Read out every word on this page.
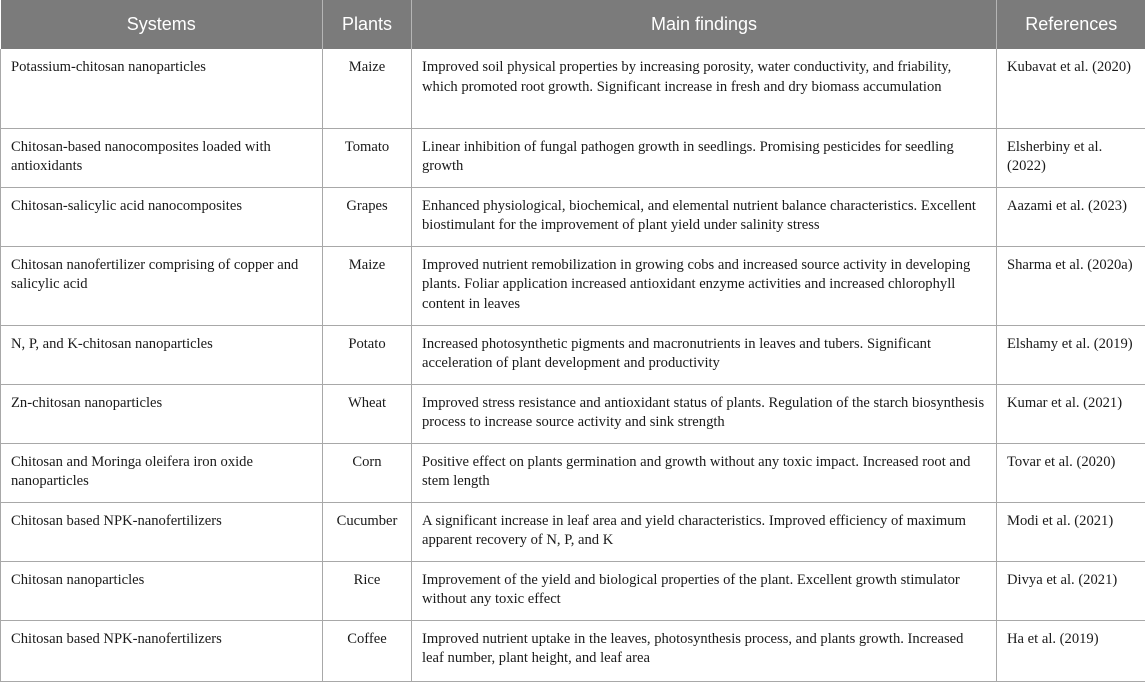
Systems	Plants	Main findings	References
Potassium-chitosan nanoparticles	Maize	Improved soil physical properties by increasing porosity, water conductivity, and friability, which promoted root growth. Significant increase in fresh and dry biomass accumulation	Kubavat et al. (2020)
Chitosan-based nanocomposites loaded with antioxidants	Tomato	Linear inhibition of fungal pathogen growth in seedlings. Promising pesticides for seedling growth	Elsherbiny et al. (2022)
Chitosan-salicylic acid nanocomposites	Grapes	Enhanced physiological, biochemical, and elemental nutrient balance characteristics. Excellent biostimulant for the improvement of plant yield under salinity stress	Aazami et al. (2023)
Chitosan nanofertilizer comprising of copper and salicylic acid	Maize	Improved nutrient remobilization in growing cobs and increased source activity in developing plants. Foliar application increased antioxidant enzyme activities and increased chlorophyll content in leaves	Sharma et al. (2020a)
N, P, and K-chitosan nanoparticles	Potato	Increased photosynthetic pigments and macronutrients in leaves and tubers. Significant acceleration of plant development and productivity	Elshamy et al. (2019)
Zn-chitosan nanoparticles	Wheat	Improved stress resistance and antioxidant status of plants. Regulation of the starch biosynthesis process to increase source activity and sink strength	Kumar et al. (2021)
Chitosan and Moringa oleifera iron oxide nanoparticles	Corn	Positive effect on plants germination and growth without any toxic impact. Increased root and stem length	Tovar et al. (2020)
Chitosan based NPK-nanofertilizers	Cucumber	A significant increase in leaf area and yield characteristics. Improved efficiency of maximum apparent recovery of N, P, and K	Modi et al. (2021)
Chitosan nanoparticles	Rice	Improvement of the yield and biological properties of the plant. Excellent growth stimulator without any toxic effect	Divya et al. (2021)
Chitosan based NPK-nanofertilizers	Coffee	Improved nutrient uptake in the leaves, photosynthesis process, and plants growth. Increased leaf number, plant height, and leaf area	Ha et al. (2019)
